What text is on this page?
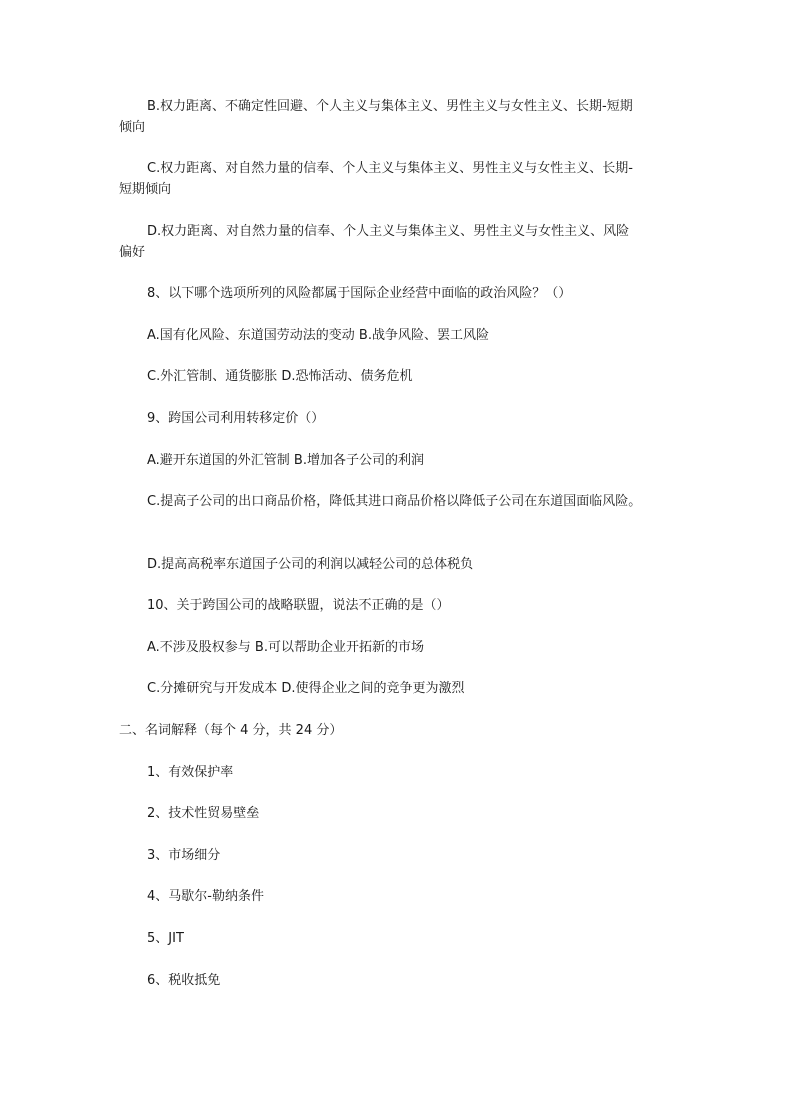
B.权力距离、不确定性回避、个人主义与集体主义、男性主义与女性主义、长期-短期
倾向
C.权力距离、对自然力量的信奉、个人主义与集体主义、男性主义与女性主义、长期-
短期倾向
D.权力距离、对自然力量的信奉、个人主义与集体主义、男性主义与女性主义、风险
偏好
8、以下哪个选项所列的风险都属于国际企业经营中面临的政治风险？（）
A.国有化风险、东道国劳动法的变动 B.战争风险、罢工风险
C.外汇管制、通货膨胀 D.恐怖活动、债务危机
9、跨国公司利用转移定价（）
A.避开东道国的外汇管制 B.增加各子公司的利润
C.提高子公司的出口商品价格，降低其进口商品价格以降低子公司在东道国面临风险。
D.提高高税率东道国子公司的利润以减轻公司的总体税负
10、关于跨国公司的战略联盟，说法不正确的是（）
A.不涉及股权参与 B.可以帮助企业开拓新的市场
C.分摊研究与开发成本 D.使得企业之间的竞争更为激烈
二、名词解释（每个 4 分，共 24 分）
1、有效保护率
2、技术性贸易壁垒
3、市场细分
4、马歇尔-勒纳条件
5、JIT
6、税收抵免
